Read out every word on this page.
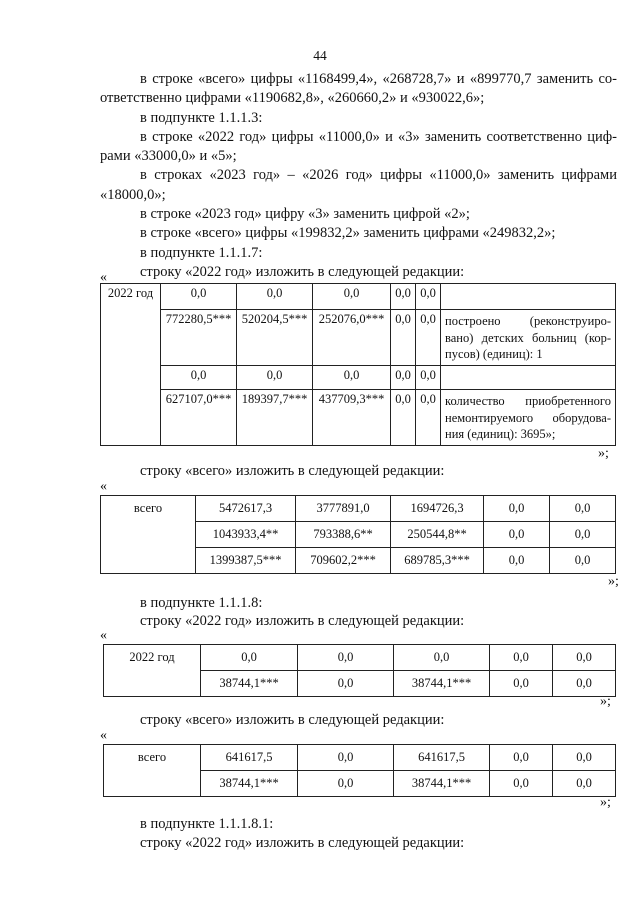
44
в строке «всего» цифры «1168499,4», «268728,7» и «899770,7 заменить со-
ответственно цифрами «1190682,8», «260660,2» и «930022,6»;
в подпункте 1.1.1.3:
в строке «2022 год» цифры «11000,0» и «3» заменить соответственно циф-
рами «33000,0» и «5»;
в строках «2023 год» – «2026 год» цифры «11000,0» заменить цифрами
«18000,0»;
в строке «2023 год» цифру «3» заменить цифрой «2»;
в строке «всего» цифры «199832,2» заменить цифрами «249832,2»;
в подпункте 1.1.1.7:
строку «2022 год» изложить в следующей редакции:
«
2022 год	0,0	0,0	0,0	0,0	0,0	
	772280,5***	520204,5***	252076,0***	0,0	0,0	построено (реконструиро-
вано) детских больниц (кор-
пусов) (единиц): 1

	0,0	0,0	0,0	0,0	0,0	
	627107,0***	189397,7***	437709,3***	0,0	0,0	количество приобретенного
немонтируемого оборудова-
ния (единиц): 3695»;
»;
строку «всего» изложить в следующей редакции:
«
всего	5472617,3	3777891,0	1694726,3	0,0	0,0
	1043933,4**	793388,6**	250544,8**	0,0	0,0
	1399387,5***	709602,2***	689785,3***	0,0	0,0
»;
в подпункте 1.1.1.8:
строку «2022 год» изложить в следующей редакции:
«
2022 год	0,0	0,0	0,0	0,0	0,0
	38744,1***	0,0	38744,1***	0,0	0,0
»;
строку «всего» изложить в следующей редакции:
«
всего	641617,5	0,0	641617,5	0,0	0,0
	38744,1***	0,0	38744,1***	0,0	0,0
»;
в подпункте 1.1.1.8.1:
строку «2022 год» изложить в следующей редакции:
